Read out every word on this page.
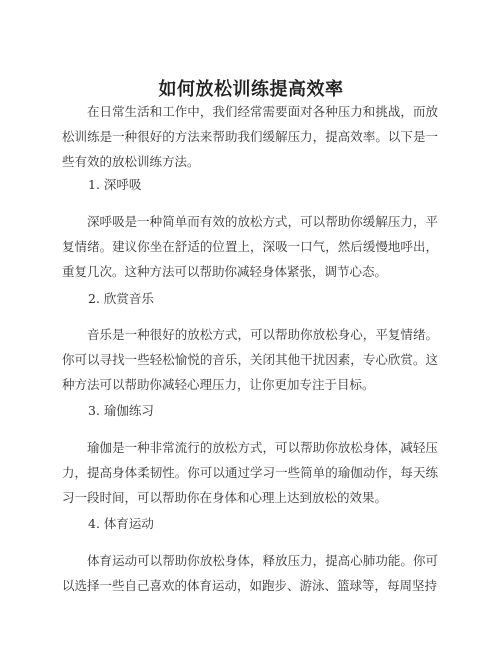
如何放松训练提高效率
在日常生活和工作中，我们经常需要面对各种压力和挑战，而放松训练是一种很好的方法来帮助我们缓解压力，提高效率。以下是一些有效的放松训练方法。
1. 深呼吸
深呼吸是一种简单而有效的放松方式，可以帮助你缓解压力，平复情绪。建议你坐在舒适的位置上，深吸一口气，然后缓慢地呼出，重复几次。这种方法可以帮助你减轻身体紧张，调节心态。
2. 欣赏音乐
音乐是一种很好的放松方式，可以帮助你放松身心，平复情绪。你可以寻找一些轻松愉悦的音乐，关闭其他干扰因素，专心欣赏。这种方法可以帮助你减轻心理压力，让你更加专注于目标。
3. 瑜伽练习
瑜伽是一种非常流行的放松方式，可以帮助你放松身体，减轻压力，提高身体柔韧性。你可以通过学习一些简单的瑜伽动作，每天练习一段时间，可以帮助你在身体和心理上达到放松的效果。
4. 体育运动
体育运动可以帮助你放松身体，释放压力，提高心肺功能。你可以选择一些自己喜欢的体育运动，如跑步、游泳、篮球等，每周坚持
